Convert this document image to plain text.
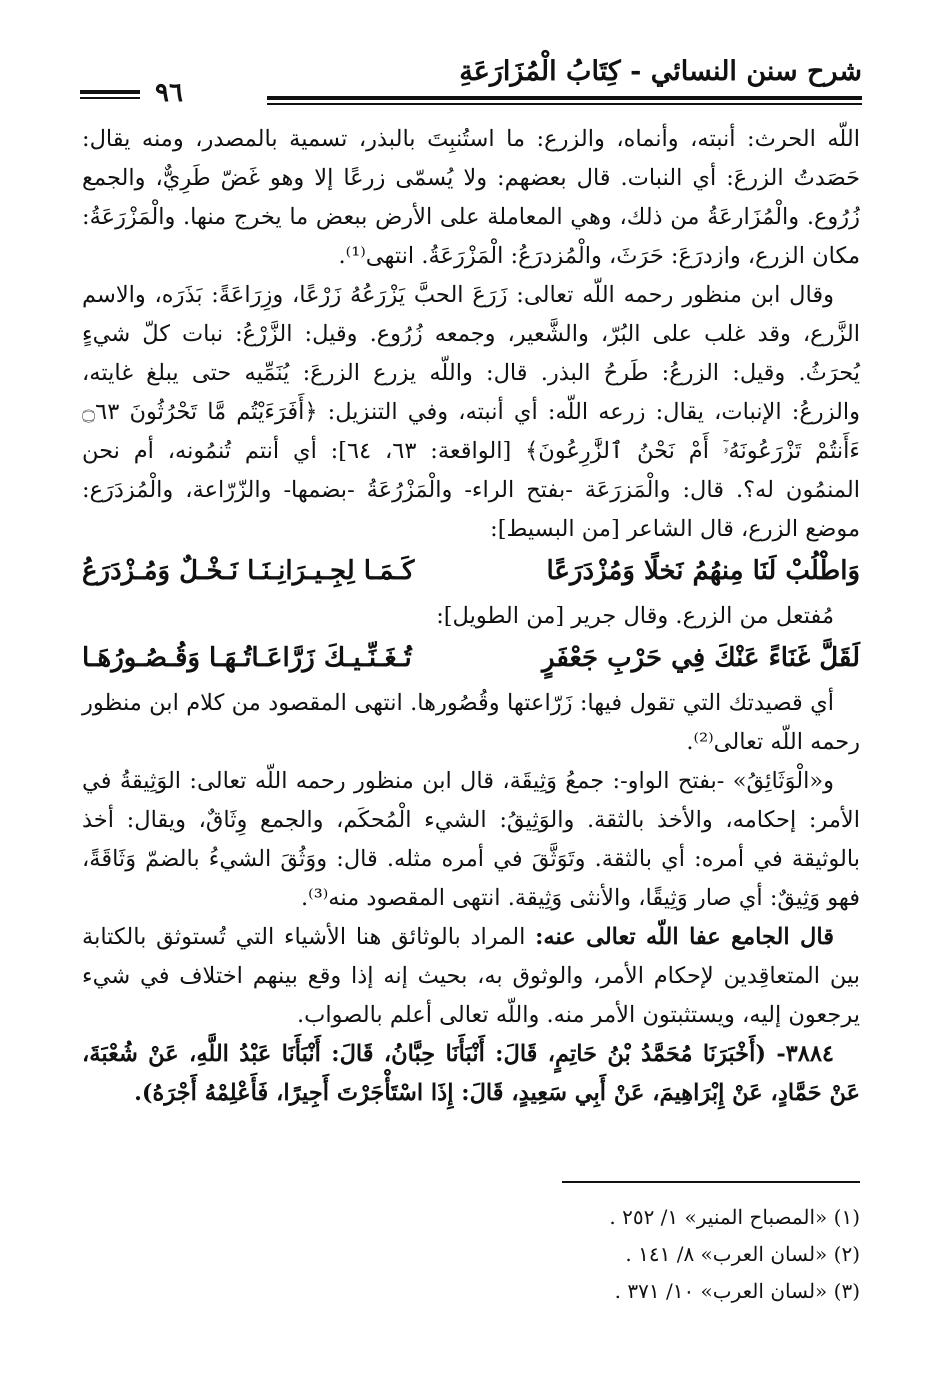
شرح سنن النسائي - كِتَابُ الْمُزَارَعَةِ
٩٦

اللّه الحرث: أنبته، وأنماه، والزرع: ما استُنبِتَ بالبذر، تسمية بالمصدر، ومنه يقال: حَصَدتُ الزرعَ: أي النبات. قال بعضهم: ولا يُسمّى زرعًا إلا وهو غَضّ طَرِيٌّ، والجمع زُرُوع. والْمُزَارعَةُ من ذلك، وهي المعاملة على الأرض ببعض ما يخرج منها. والْمَزْرَعَةُ: مكان الزرع، وازدرَعَ: حَرَثَ، والْمُزدرَعُ: الْمَزْرَعَةُ. انتهى⁽¹⁾.

وقال ابن منظور رحمه اللّه تعالى: زَرَعَ الحبَّ يَزْرَعُهُ زَرْعًا، وزِرَاعَةً: بَذَرَه، والاسم الزَّرع، وقد غلب على البُرّ، والشَّعير، وجمعه زُرُوع. وقيل: الزَّرْعُ: نبات كلّ شيءٍ يُحرَثُ. وقيل: الزرعُ: طَرحُ البذر. قال: واللّه يزرع الزرعَ: يُنَمِّيه حتى يبلغ غايته، والزرعُ: الإنبات، يقال: زرعه اللّه: أي أنبته، وفي التنزيل: ﴿أَفَرَءَيْتُم مَّا تَحْرُثُونَ ۝٦٣ ءَأَنتُمْ تَزْرَعُونَهُۥٓ أَمْ نَحْنُ ٱلزَّٰرِعُونَ﴾ [الواقعة: ٦٣، ٦٤]: أي أنتم تُنمُونه، أم نحن المنمُون له؟. قال: والْمَزرَعَة -بفتح الراء- والْمَزْرُعَةُ -بضمها- والزّرّاعة، والْمُزدَرَع: موضع الزرع، قال الشاعر [من البسيط]:

وَاطْلُبْ لَنَا مِنهُمُ نَخلًا وَمُزْدَرَعًا
كَـمَـا لِجِـيـرَانِـنَـا نَـخْـلٌ وَمُـزْدَرَعُ

مُفتعل من الزرع. وقال جرير [من الطويل]:

لَقَلَّ غَنَاءً عَنْكَ فِي حَرْبِ جَعْفَرٍ
تُـغَـنِّـيـكَ زَرَّاعَـاتُـهَـا وَقُـصُـورُهَـا

أي قصيدتك التي تقول فيها: زَرّاعتها وقُصُورها. انتهى المقصود من كلام ابن منظور رحمه اللّه تعالى⁽²⁾.

و«الْوَثَائِقُ» -بفتح الواو-: جمعُ وَثِيقَة، قال ابن منظور رحمه اللّه تعالى: الوَثِيقةُ في الأمر: إحكامه، والأخذ بالثقة. والوَثِيقُ: الشيء الْمُحكَم، والجمع وِثَاقٌ، ويقال: أخذ بالوثيقة في أمره: أي بالثقة. وتَوَثَّقَ في أمره مثله. قال: ووَثُقَ الشيءُ بالضمّ وَثَاقَةً، فهو وَثِيقٌ: أي صار وَثِيقًا، والأنثى وَثِيقة. انتهى المقصود منه⁽³⁾.

قال الجامع عفا اللّه تعالى عنه: المراد بالوثائق هنا الأشياء التي تُستوثق بالكتابة بين المتعاقِدين لإحكام الأمر، والوثوق به، بحيث إنه إذا وقع بينهم اختلاف في شيء يرجعون إليه، ويستثبتون الأمر منه. واللّه تعالى أعلم بالصواب.

٣٨٨٤- (أَخْبَرَنَا مُحَمَّدُ بْنُ حَاتِمٍ، قَالَ: أَنْبَأَنَا حِبَّانُ، قَالَ: أَنْبَأَنَا عَبْدُ اللَّهِ، عَنْ شُعْبَةَ، عَنْ حَمَّادٍ، عَنْ إِبْرَاهِيمَ، عَنْ أَبِي سَعِيدٍ، قَالَ: إِذَا اسْتَأْجَرْتَ أَجِيرًا، فَأَعْلِمْهُ أَجْرَهُ).

(١) «المصباح المنير» ١/ ٢٥٢ .
(٢) «لسان العرب» ٨/ ١٤١ .
(٣) «لسان العرب» ١٠/ ٣٧١ .
